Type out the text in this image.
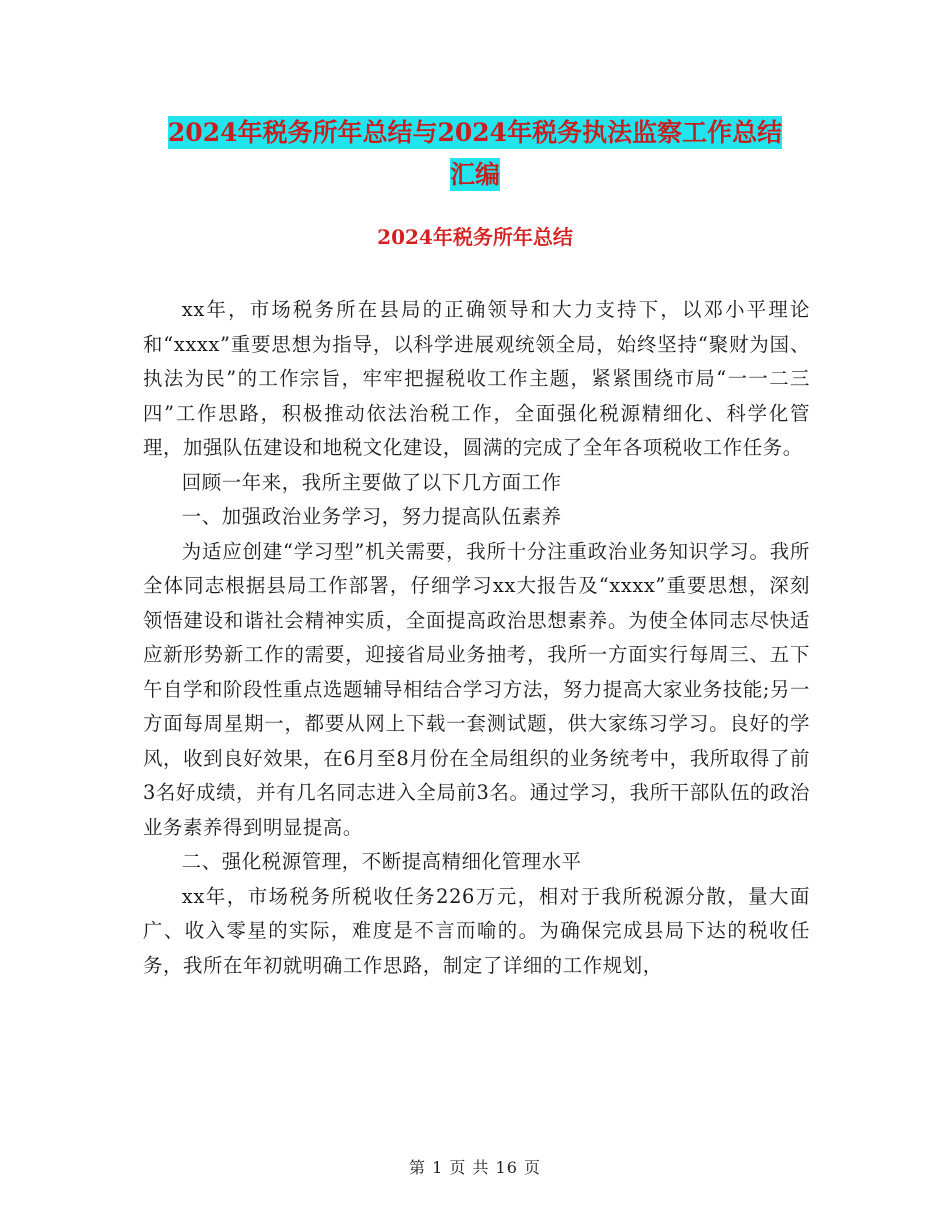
2024年税务所年总结与2024年税务执法监察工作总结
汇编
2024年税务所年总结

xx年，市场税务所在县局的正确领导和大力支持下，以邓小平理论和“xxxx”重要思想为指导，以科学进展观统领全局，始终坚持“聚财为国、执法为民”的工作宗旨，牢牢把握税收工作主题，紧紧围绕市局“一一二三四”工作思路，积极推动依法治税工作，全面强化税源精细化、科学化管理，加强队伍建设和地税文化建设，圆满的完成了全年各项税收工作任务。

回顾一年来，我所主要做了以下几方面工作

一、加强政治业务学习，努力提高队伍素养

为适应创建“学习型”机关需要，我所十分注重政治业务知识学习。我所全体同志根据县局工作部署，仔细学习xx大报告及“xxxx”重要思想，深刻领悟建设和谐社会精神实质，全面提高政治思想素养。为使全体同志尽快适应新形势新工作的需要，迎接省局业务抽考，我所一方面实行每周三、五下午自学和阶段性重点选题辅导相结合学习方法，努力提高大家业务技能;另一方面每周星期一，都要从网上下载一套测试题，供大家练习学习。良好的学风，收到良好效果，在6月至8月份在全局组织的业务统考中，我所取得了前3名好成绩，并有几名同志进入全局前3名。通过学习，我所干部队伍的政治业务素养得到明显提高。

二、强化税源管理，不断提高精细化管理水平

xx年，市场税务所税收任务226万元，相对于我所税源分散，量大面广、收入零星的实际，难度是不言而喻的。为确保完成县局下达的税收任务，我所在年初就明确工作思路，制定了详细的工作规划，

第 1 页 共 16 页
